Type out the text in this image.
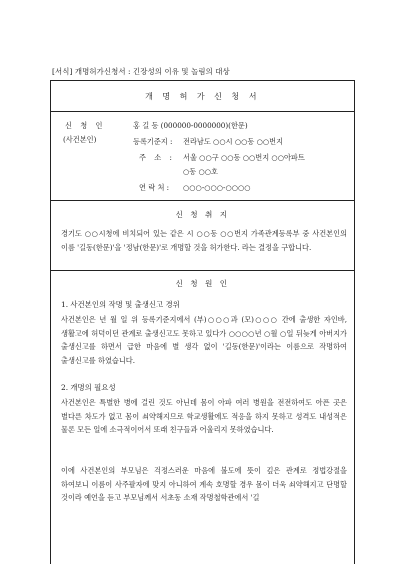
[서식] 개명허가신청서 : 긴장성의 이유 및 놀림의 대상
개 명 허 가 신 청 서
신 청 인
(사건본인)
홍 길 동 (000000-0000000)(한문)
등록기준지 : 전라남도 ○○시 ○○동 ○○번지
주 소 : 서울 ○○구 ○○동 ○○번지 ○○아파트
○동 ○○호
연 락 처 : ○○○-○○○-○○○○
신 청 취 지
경기도 ○○시청에 비치되어 있는 같은 시 ○○동 ○○번지 가족관계등록부 중 사건본인의 이름 '길동(한문)'을 '정남(한문)'로 개명할 것을 허가한다. 라는 결정을 구합니다.
신 청 원 인
1. 사건본인의 작명 및 출생신고 경위
사건본인은 년 월 일 위 등록기준지에서 (부)○○○과 (모)○○○ 간에 출생한 자인바, 생활고에 허덕이던 관계로 출생신고도 못하고 있다가 ○○○○년 ○월 ○일 뒤늦게 아버지가 출생신고를 하면서 급한 마음에 별 생각 없이 '길동(한문)'이라는 이름으로 작명하여 출생신고를 하였습니다.
2. 개명의 필요성
사건본인은 특별한 병에 걸린 것도 아닌데 몸이 아파 여러 병원을 전전하여도 아픈 곳은 별다른 차도가 없고 몸이 쇠약해지므로 학교생활에도 적응을 하지 못하고 성격도 내성적은 물론 모든 일에 소극적이어서 또래 친구들과 어울리지 못하였습니다.
이에 사건본인의 부모님은 걱정스러운 마음에 불도에 뜻이 깊은 관계로 정법강절을 하여보니 이름이 사주팔자에 맞지 아니하여 계속 호명할 경우 몸이 더욱 쇠약해지고 단명할 것이라 예언을 듣고 부모님께서 서초동 소재 작명철학관에서 '길
